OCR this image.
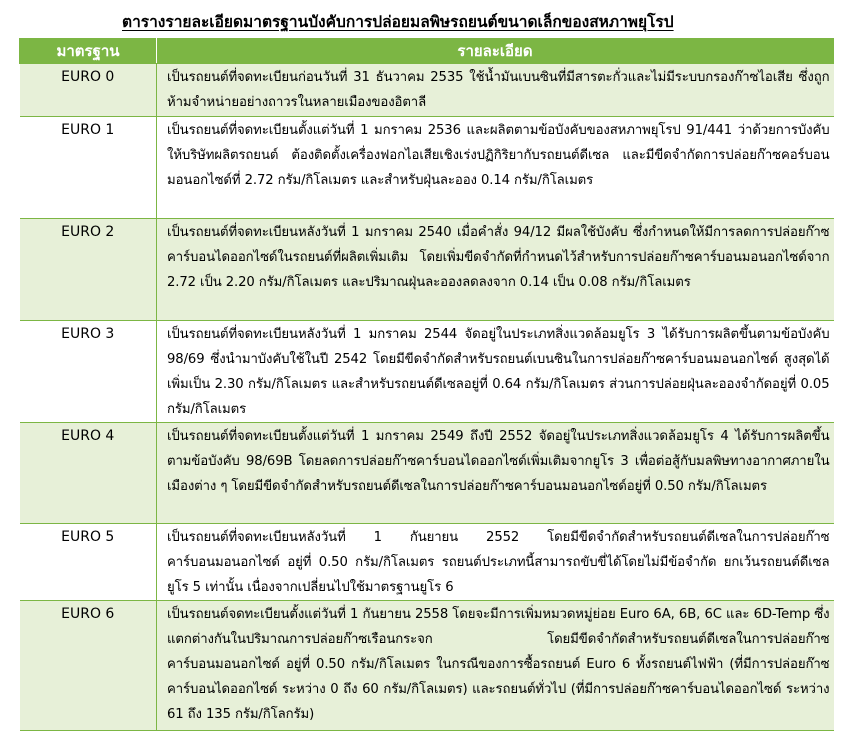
ตารางรายละเอียดมาตรฐานบังคับการปล่อยมลพิษรถยนต์ขนาดเล็กของสหภาพยุโรป
มาตรฐาน	รายละเอียด
EURO 0	เป็นรถยนต์ที่จดทะเบียนก่อนวันที่ 31 ธันวาคม 2535 ใช้น้ำมันเบนซินที่มีสารตะกั่วและไม่มีระบบกรองก๊าซไอเสีย ซึ่งถูกห้ามจำหน่ายอย่างถาวรในหลายเมืองของอิตาลี
EURO 1	เป็นรถยนต์ที่จดทะเบียนตั้งแต่วันที่ 1 มกราคม 2536 และผลิตตามข้อบังคับของสหภาพยุโรป 91/441 ว่าด้วยการบังคับให้บริษัทผลิตรถยนต์ ต้องติดตั้งเครื่องฟอกไอเสียเชิงเร่งปฏิกิริยากับรถยนต์ดีเซล และมีขีดจำกัดการปล่อยก๊าซคอร์บอนมอนอกไซด์ที่ 2.72 กรัม/กิโลเมตร และสำหรับฝุ่นละออง 0.14 กรัม/กิโลเมตร
EURO 2	เป็นรถยนต์ที่จดทะเบียนหลังวันที่ 1 มกราคม 2540 เมื่อคำสั่ง 94/12 มีผลใช้บังคับ ซึ่งกำหนดให้มีการลดการปล่อยก๊าซคาร์บอนไดออกไซด์ในรถยนต์ที่ผลิตเพิ่มเติม โดยเพิ่มขีดจำกัดที่กำหนดไว้สำหรับการปล่อยก๊าซคาร์บอนมอนอกไซด์จาก 2.72 เป็น 2.20 กรัม/กิโลเมตร และปริมาณฝุ่นละอองลดลงจาก 0.14 เป็น 0.08 กรัม/กิโลเมตร
EURO 3	เป็นรถยนต์ที่จดทะเบียนหลังวันที่ 1 มกราคม 2544 จัดอยู่ในประเภทสิ่งแวดล้อมยูโร 3 ได้รับการผลิตขึ้นตามข้อบังคับ 98/69 ซึ่งนำมาบังคับใช้ในปี 2542 โดยมีขีดจำกัดสำหรับรถยนต์เบนซินในการปล่อยก๊าซคาร์บอนมอนอกไซด์ สูงสุดได้เพิ่มเป็น 2.30 กรัม/กิโลเมตร และสำหรับรถยนต์ดีเซลอยู่ที่ 0.64 กรัม/กิโลเมตร ส่วนการปล่อยฝุ่นละอองจำกัดอยู่ที่ 0.05 กรัม/กิโลเมตร
EURO 4	เป็นรถยนต์ที่จดทะเบียนตั้งแต่วันที่ 1 มกราคม 2549 ถึงปี 2552 จัดอยู่ในประเภทสิ่งแวดล้อมยูโร 4 ได้รับการผลิตขึ้นตามข้อบังคับ 98/69B โดยลดการปล่อยก๊าซคาร์บอนไดออกไซด์เพิ่มเติมจากยูโร 3 เพื่อต่อสู้กับมลพิษทางอากาศภายในเมืองต่าง ๆ โดยมีขีดจำกัดสำหรับรถยนต์ดีเซลในการปล่อยก๊าซคาร์บอนมอนอกไซด์อยู่ที่ 0.50 กรัม/กิโลเมตร
EURO 5	เป็นรถยนต์ที่จดทะเบียนหลังวันที่ 1 กันยายน 2552 โดยมีขีดจำกัดสำหรับรถยนต์ดีเซลในการปล่อยก๊าซคาร์บอนมอนอกไซด์ อยู่ที่ 0.50 กรัม/กิโลเมตร รถยนต์ประเภทนี้สามารถขับขี่ได้โดยไม่มีข้อจำกัด ยกเว้นรถยนต์ดีเซลยูโร 5 เท่านั้น เนื่องจากเปลี่ยนไปใช้มาตรฐานยูโร 6
EURO 6	เป็นรถยนต์จดทะเบียนตั้งแต่วันที่ 1 กันยายน 2558 โดยจะมีการเพิ่มหมวดหมู่ย่อย Euro 6A, 6B, 6C และ 6D-Temp ซึ่งแตกต่างกันในปริมาณการปล่อยก๊าซเรือนกระจก โดยมีขีดจำกัดสำหรับรถยนต์ดีเซลในการปล่อยก๊าซคาร์บอนมอนอกไซด์ อยู่ที่ 0.50 กรัม/กิโลเมตร ในกรณีของการซื้อรถยนต์ Euro 6 ทั้งรถยนต์ไฟฟ้า (ที่มีการปล่อยก๊าซคาร์บอนไดออกไซด์ ระหว่าง 0 ถึง 60 กรัม/กิโลเมตร) และรถยนต์ทั่วไป (ที่มีการปล่อยก๊าซคาร์บอนไดออกไซด์ ระหว่าง 61 ถึง 135 กรัม/กิโลกรัม)
